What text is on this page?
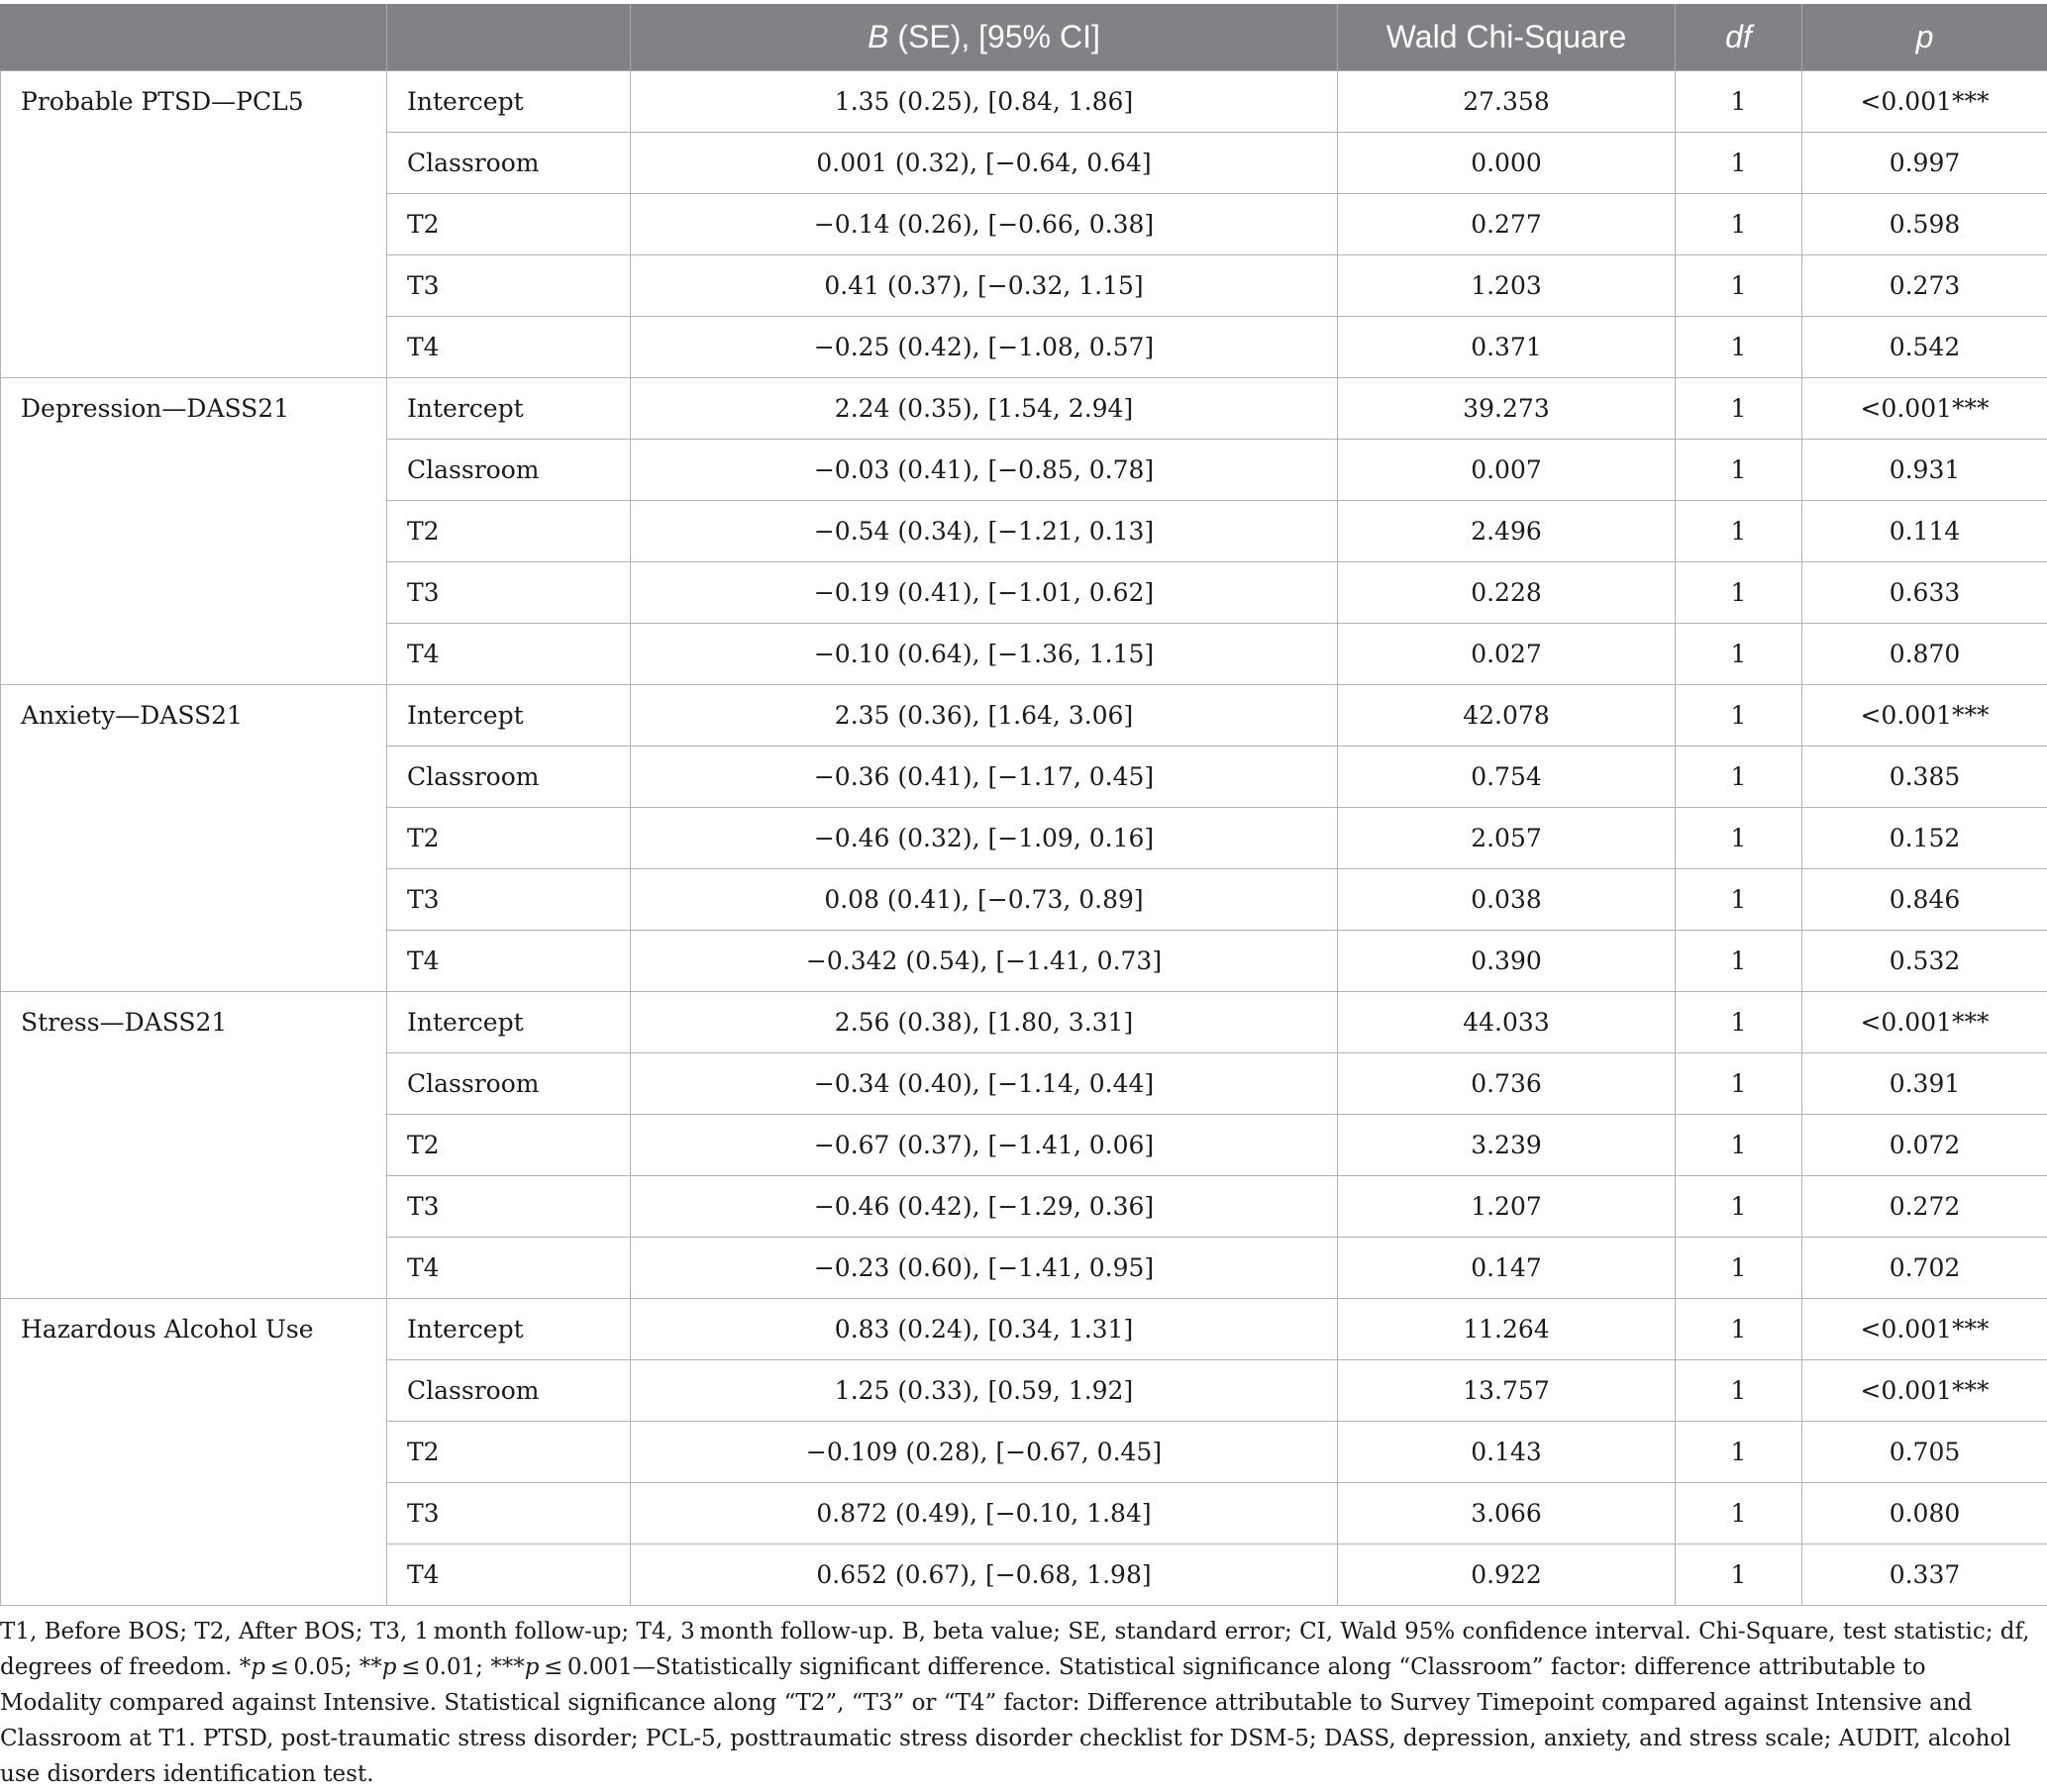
		B (SE), [95% CI]	Wald Chi-Square	df	p
Probable PTSD—PCL5	Intercept	1.35 (0.25), [0.84, 1.86]	27.358	1	<0.001***
	Classroom	0.001 (0.32), [−0.64, 0.64]	0.000	1	0.997
	T2	−0.14 (0.26), [−0.66, 0.38]	0.277	1	0.598
	T3	0.41 (0.37), [−0.32, 1.15]	1.203	1	0.273
	T4	−0.25 (0.42), [−1.08, 0.57]	0.371	1	0.542
Depression—DASS21	Intercept	2.24 (0.35), [1.54, 2.94]	39.273	1	<0.001***
	Classroom	−0.03 (0.41), [−0.85, 0.78]	0.007	1	0.931
	T2	−0.54 (0.34), [−1.21, 0.13]	2.496	1	0.114
	T3	−0.19 (0.41), [−1.01, 0.62]	0.228	1	0.633
	T4	−0.10 (0.64), [−1.36, 1.15]	0.027	1	0.870
Anxiety—DASS21	Intercept	2.35 (0.36), [1.64, 3.06]	42.078	1	<0.001***
	Classroom	−0.36 (0.41), [−1.17, 0.45]	0.754	1	0.385
	T2	−0.46 (0.32), [−1.09, 0.16]	2.057	1	0.152
	T3	0.08 (0.41), [−0.73, 0.89]	0.038	1	0.846
	T4	−0.342 (0.54), [−1.41, 0.73]	0.390	1	0.532
Stress—DASS21	Intercept	2.56 (0.38), [1.80, 3.31]	44.033	1	<0.001***
	Classroom	−0.34 (0.40), [−1.14, 0.44]	0.736	1	0.391
	T2	−0.67 (0.37), [−1.41, 0.06]	3.239	1	0.072
	T3	−0.46 (0.42), [−1.29, 0.36]	1.207	1	0.272
	T4	−0.23 (0.60), [−1.41, 0.95]	0.147	1	0.702
Hazardous Alcohol Use	Intercept	0.83 (0.24), [0.34, 1.31]	11.264	1	<0.001***
	Classroom	1.25 (0.33), [0.59, 1.92]	13.757	1	<0.001***
	T2	−0.109 (0.28), [−0.67, 0.45]	0.143	1	0.705
	T3	0.872 (0.49), [−0.10, 1.84]	3.066	1	0.080
	T4	0.652 (0.67), [−0.68, 1.98]	0.922	1	0.337
T1, Before BOS; T2, After BOS; T3, 1 month follow-up; T4, 3 month follow-up. B, beta value; SE, standard error; CI, Wald 95% confidence interval. Chi-Square, test statistic; df, degrees of freedom. *p ≤ 0.05; **p ≤ 0.01; ***p ≤ 0.001—Statistically significant difference. Statistical significance along “Classroom” factor: difference attributable to Modality compared against Intensive. Statistical significance along “T2”, “T3” or “T4” factor: Difference attributable to Survey Timepoint compared against Intensive and Classroom at T1. PTSD, post-traumatic stress disorder; PCL-5, posttraumatic stress disorder checklist for DSM-5; DASS, depression, anxiety, and stress scale; AUDIT, alcohol use disorders identification test.
